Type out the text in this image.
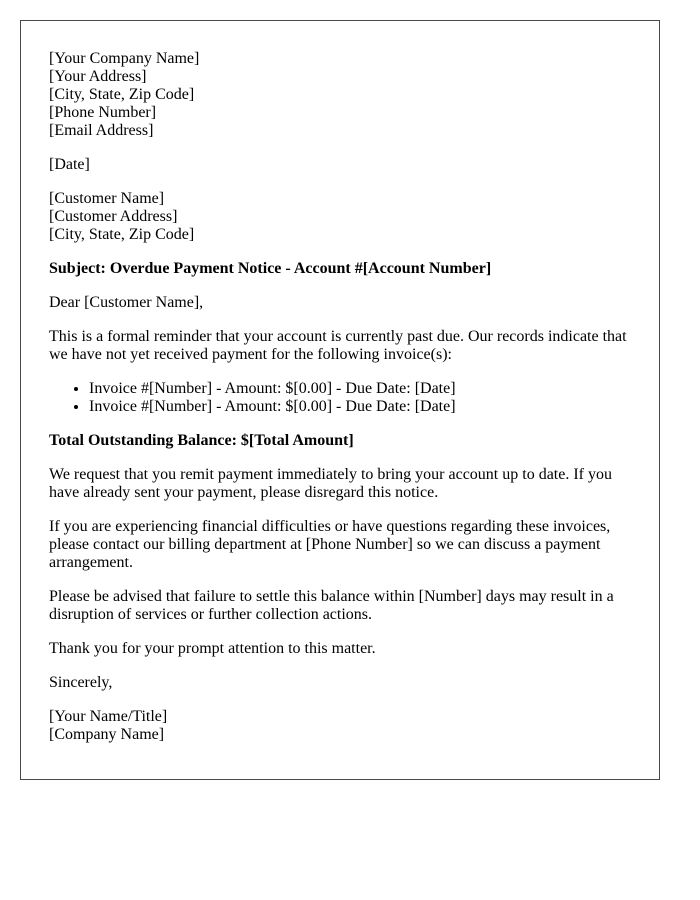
[Your Company Name]
[Your Address]
[City, State, Zip Code]
[Phone Number]
[Email Address]

[Date]

[Customer Name]
[Customer Address]
[City, State, Zip Code]

Subject: Overdue Payment Notice - Account #[Account Number]

Dear [Customer Name],

This is a formal reminder that your account is currently past due. Our records indicate that we have not yet received payment for the following invoice(s):

• Invoice #[Number] - Amount: $[0.00] - Due Date: [Date]
• Invoice #[Number] - Amount: $[0.00] - Due Date: [Date]

Total Outstanding Balance: $[Total Amount]

We request that you remit payment immediately to bring your account up to date. If you have already sent your payment, please disregard this notice.

If you are experiencing financial difficulties or have questions regarding these invoices, please contact our billing department at [Phone Number] so we can discuss a payment arrangement.

Please be advised that failure to settle this balance within [Number] days may result in a disruption of services or further collection actions.

Thank you for your prompt attention to this matter.

Sincerely,

[Your Name/Title]
[Company Name]
